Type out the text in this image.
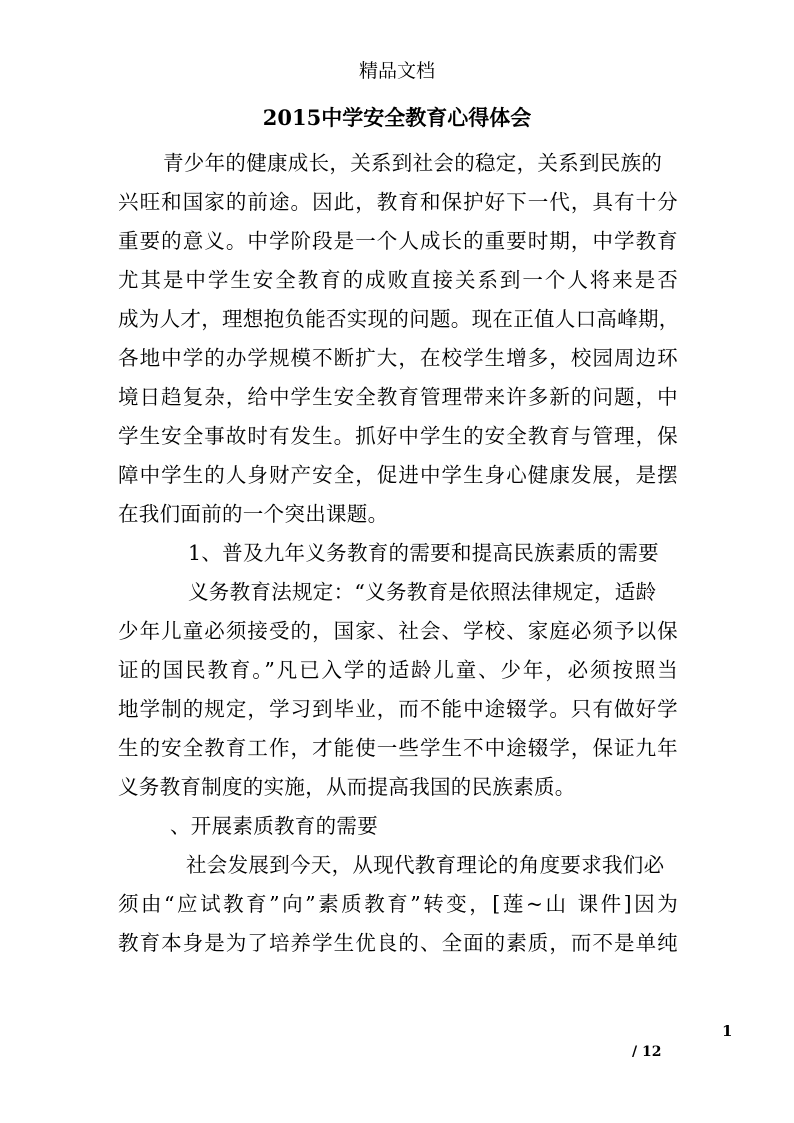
精品文档
2015中学安全教育心得体会
青少年的健康成长，关系到社会的稳定，关系到民族的
兴旺和国家的前途。因此，教育和保护好下一代，具有十分
重要的意义。中学阶段是一个人成长的重要时期，中学教育
尤其是中学生安全教育的成败直接关系到一个人将来是否
成为人才，理想抱负能否实现的问题。现在正值人口高峰期，
各地中学的办学规模不断扩大，在校学生增多，校园周边环
境日趋复杂，给中学生安全教育管理带来许多新的问题，中
学生安全事故时有发生。抓好中学生的安全教育与管理，保
障中学生的人身财产安全，促进中学生身心健康发展，是摆
在我们面前的一个突出课题。
1、普及九年义务教育的需要和提高民族素质的需要
义务教育法规定：“义务教育是依照法律规定，适龄
少年儿童必须接受的，国家、社会、学校、家庭必须予以保
证的国民教育。”凡已入学的适龄儿童、少年，必须按照当
地学制的规定，学习到毕业，而不能中途辍学。只有做好学
生的安全教育工作，才能使一些学生不中途辍学，保证九年
义务教育制度的实施，从而提高我国的民族素质。
、开展素质教育的需要
社会发展到今天，从现代教育理论的角度要求我们必
须由“应试教育”向”素质教育”转变，[莲~山 课件]因为
教育本身是为了培养学生优良的、全面的素质，而不是单纯
1
/ 12
